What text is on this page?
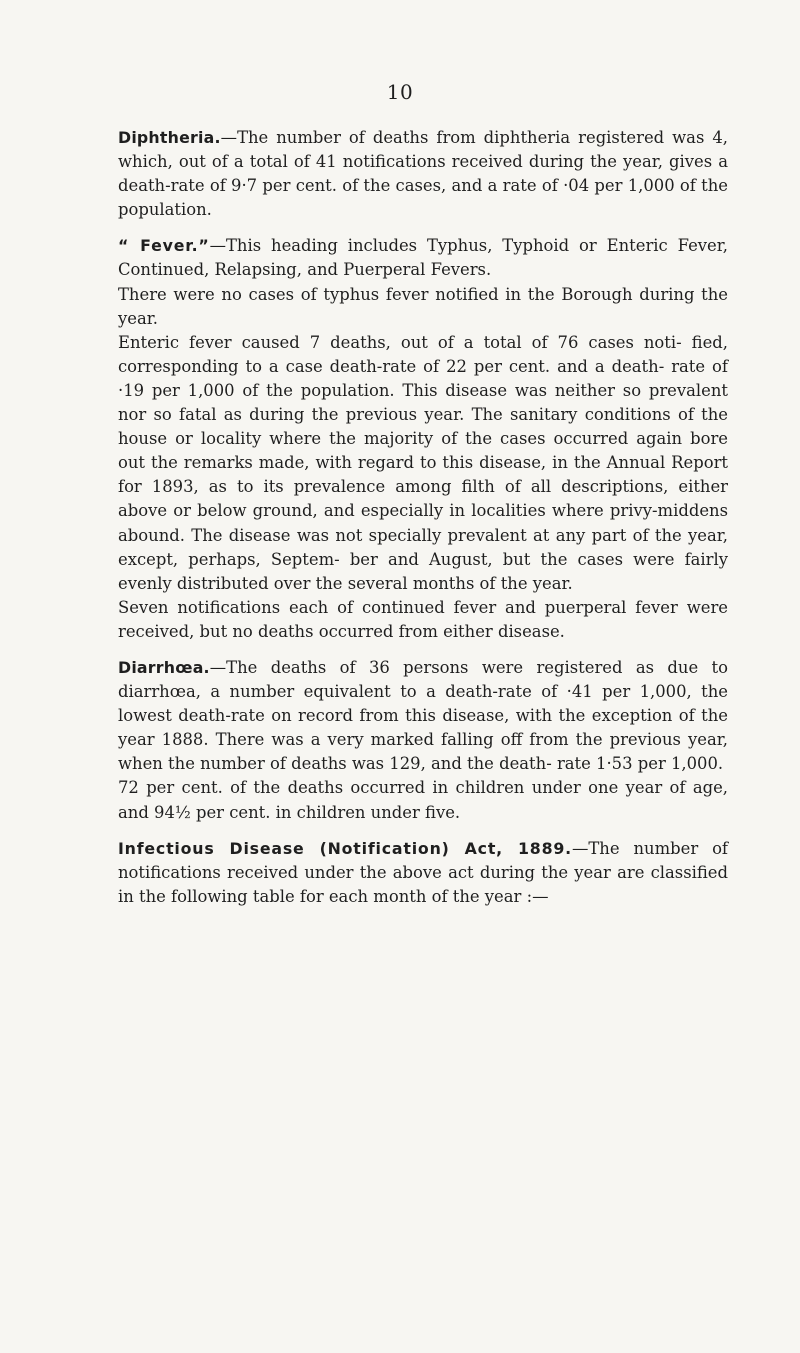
10

Diphtheria.—The number of deaths from diphtheria registered was 4, which, out of a total of 41 notifications received during the year, gives a death-rate of 9·7 per cent. of the cases, and a rate of ·04 per 1,000 of the population.

“ Fever.”—This heading includes Typhus, Typhoid or Enteric Fever, Continued, Relapsing, and Puerperal Fevers.

There were no cases of typhus fever notified in the Borough during the year.

Enteric fever caused 7 deaths, out of a total of 76 cases noti- fied, corresponding to a case death-rate of 22 per cent. and a death- rate of ·19 per 1,000 of the population. This disease was neither so prevalent nor so fatal as during the previous year. The sanitary conditions of the house or locality where the majority of the cases occurred again bore out the remarks made, with regard to this disease, in the Annual Report for 1893, as to its prevalence among filth of all descriptions, either above or below ground, and especially in localities where privy-middens abound. The disease was not specially prevalent at any part of the year, except, perhaps, Septem- ber and August, but the cases were fairly evenly distributed over the several months of the year.

Seven notifications each of continued fever and puerperal fever were received, but no deaths occurred from either disease.

Diarrhœa.—The deaths of 36 persons were registered as due to diarrhœa, a number equivalent to a death-rate of ·41 per 1,000, the lowest death-rate on record from this disease, with the exception of the year 1888. There was a very marked falling off from the previous year, when the number of deaths was 129, and the death- rate 1·53 per 1,000.

72 per cent. of the deaths occurred in children under one year of age, and 94½ per cent. in children under five.

Infectious Disease (Notification) Act, 1889.—The number of notifications received under the above act during the year are classified in the following table for each month of the year :—
